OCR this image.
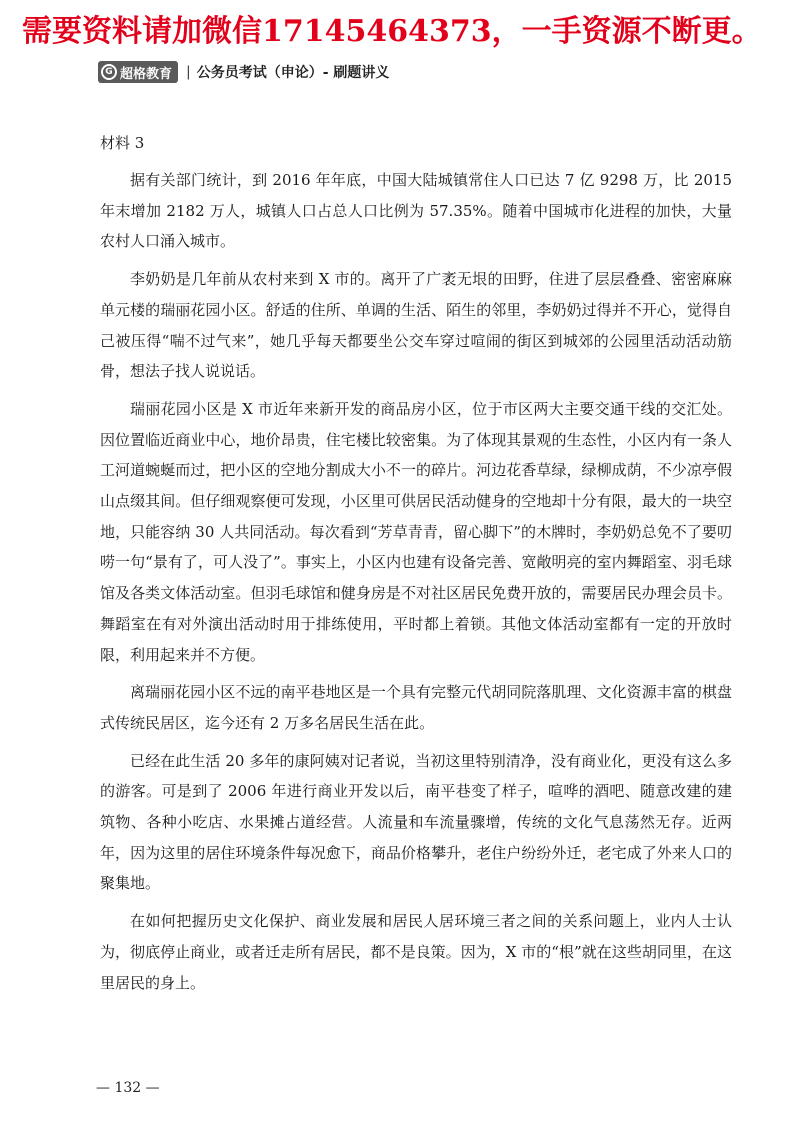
需要资料请加微信17145464373，一手资源不断更。
G 超格教育 | 公务员考试（申论）- 刷题讲义
材料 3

据有关部门统计，到 2016 年年底，中国大陆城镇常住人口已达 7 亿 9298 万，比 2015 年末增加 2182 万人，城镇人口占总人口比例为 57.35%。随着中国城市化进程的加快，大量农村人口涌入城市。

李奶奶是几年前从农村来到 X 市的。离开了广袤无垠的田野，住进了层层叠叠、密密麻麻单元楼的瑞丽花园小区。舒适的住所、单调的生活、陌生的邻里，李奶奶过得并不开心，觉得自己被压得“喘不过气来”，她几乎每天都要坐公交车穿过喧闹的街区到城郊的公园里活动活动筋骨，想法子找人说说话。

瑞丽花园小区是 X 市近年来新开发的商品房小区，位于市区两大主要交通干线的交汇处。因位置临近商业中心，地价昂贵，住宅楼比较密集。为了体现其景观的生态性，小区内有一条人工河道蜿蜒而过，把小区的空地分割成大小不一的碎片。河边花香草绿，绿柳成荫，不少凉亭假山点缀其间。但仔细观察便可发现，小区里可供居民活动健身的空地却十分有限，最大的一块空地，只能容纳 30 人共同活动。每次看到“芳草青青，留心脚下”的木牌时，李奶奶总免不了要叨唠一句“景有了，可人没了”。事实上，小区内也建有设备完善、宽敞明亮的室内舞蹈室、羽毛球馆及各类文体活动室。但羽毛球馆和健身房是不对社区居民免费开放的，需要居民办理会员卡。舞蹈室在有对外演出活动时用于排练使用，平时都上着锁。其他文体活动室都有一定的开放时限，利用起来并不方便。

离瑞丽花园小区不远的南平巷地区是一个具有完整元代胡同院落肌理、文化资源丰富的棋盘式传统民居区，迄今还有 2 万多名居民生活在此。

已经在此生活 20 多年的康阿姨对记者说，当初这里特别清净，没有商业化，更没有这么多的游客。可是到了 2006 年进行商业开发以后，南平巷变了样子，喧哗的酒吧、随意改建的建筑物、各种小吃店、水果摊占道经营。人流量和车流量骤增，传统的文化气息荡然无存。近两年，因为这里的居住环境条件每况愈下，商品价格攀升，老住户纷纷外迁，老宅成了外来人口的聚集地。

在如何把握历史文化保护、商业发展和居民人居环境三者之间的关系问题上，业内人士认为，彻底停止商业，或者迁走所有居民，都不是良策。因为，X 市的“根”就在这些胡同里，在这里居民的身上。

— 132 —
